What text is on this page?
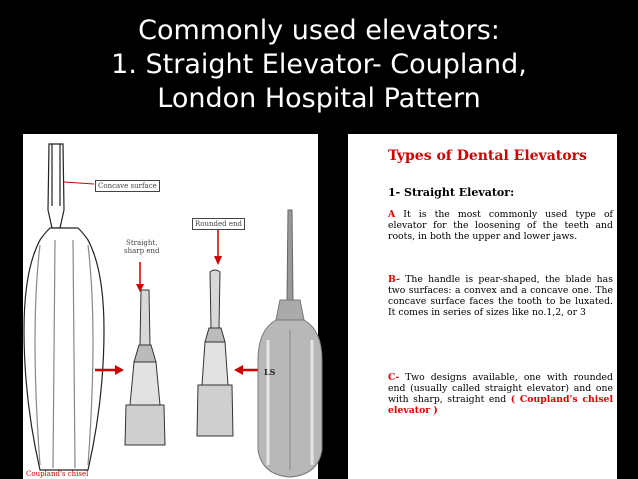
Commonly used elevators:
1. Straight Elevator- Coupland,
London Hospital Pattern
Concave surface
Straight,
sharp end
Rounded end
Coupland's chisel
LS
Types of Dental Elevators
1- Straight Elevator:
A It is the most commonly used type of elevator for the loosening of the teeth and roots, in both the upper and lower jaws.
B- The handle is pear-shaped, the blade has two surfaces: a convex and a concave one. The concave surface faces the tooth to be luxated. It comes in series of sizes like no.1,2, or 3
C- Two designs available, one with rounded end (usually called straight elevator) and one with sharp, straight end ( Coupland's chisel elevator )
